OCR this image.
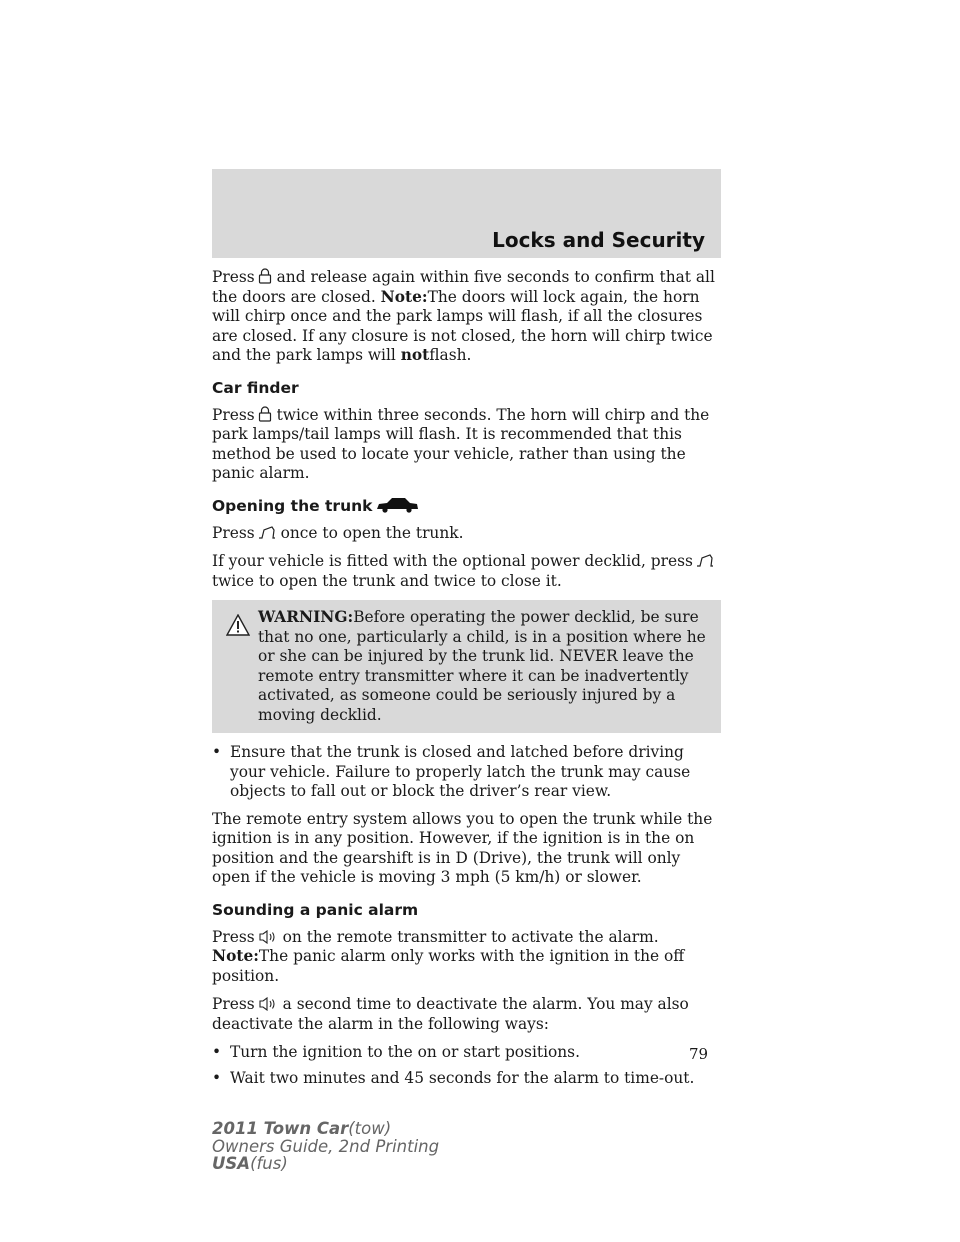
Locks and Security

Press and release again within five seconds to confirm that all the doors are closed. Note:The doors will lock again, the horn will chirp once and the park lamps will flash, if all the closures are closed. If any closure is not closed, the horn will chirp twice and the park lamps will notflash.

Car finder

Press twice within three seconds. The horn will chirp and the park lamps/tail lamps will flash. It is recommended that this method be used to locate your vehicle, rather than using the panic alarm.

Opening the trunk

Press once to open the trunk.

If your vehicle is fitted with the optional power decklid, press
twice to open the trunk and twice to close it.

WARNING:Before operating the power decklid, be sure that no one, particularly a child, is in a position where he or she can be injured by the trunk lid. NEVER leave the remote entry transmitter where it can be inadvertently activated, as someone could be seriously injured by a moving decklid.
• Ensure that the trunk is closed and latched before driving your vehicle. Failure to properly latch the trunk may cause objects to fall out or block the driver’s rear view.

The remote entry system allows you to open the trunk while the ignition is in any position. However, if the ignition is in the on position and the gearshift is in D (Drive), the trunk will only open if the vehicle is moving 3 mph (5 km/h) or slower.

Sounding a panic alarm

Press on the remote transmitter to activate the alarm. Note:The panic alarm only works with the ignition in the off position.

Press a second time to deactivate the alarm. You may also deactivate the alarm in the following ways:

• Turn the ignition to the on or start positions.
• Wait two minutes and 45 seconds for the alarm to time-out.
79
2011 Town Car(tow)
Owners Guide, 2nd Printing
USA(fus)
